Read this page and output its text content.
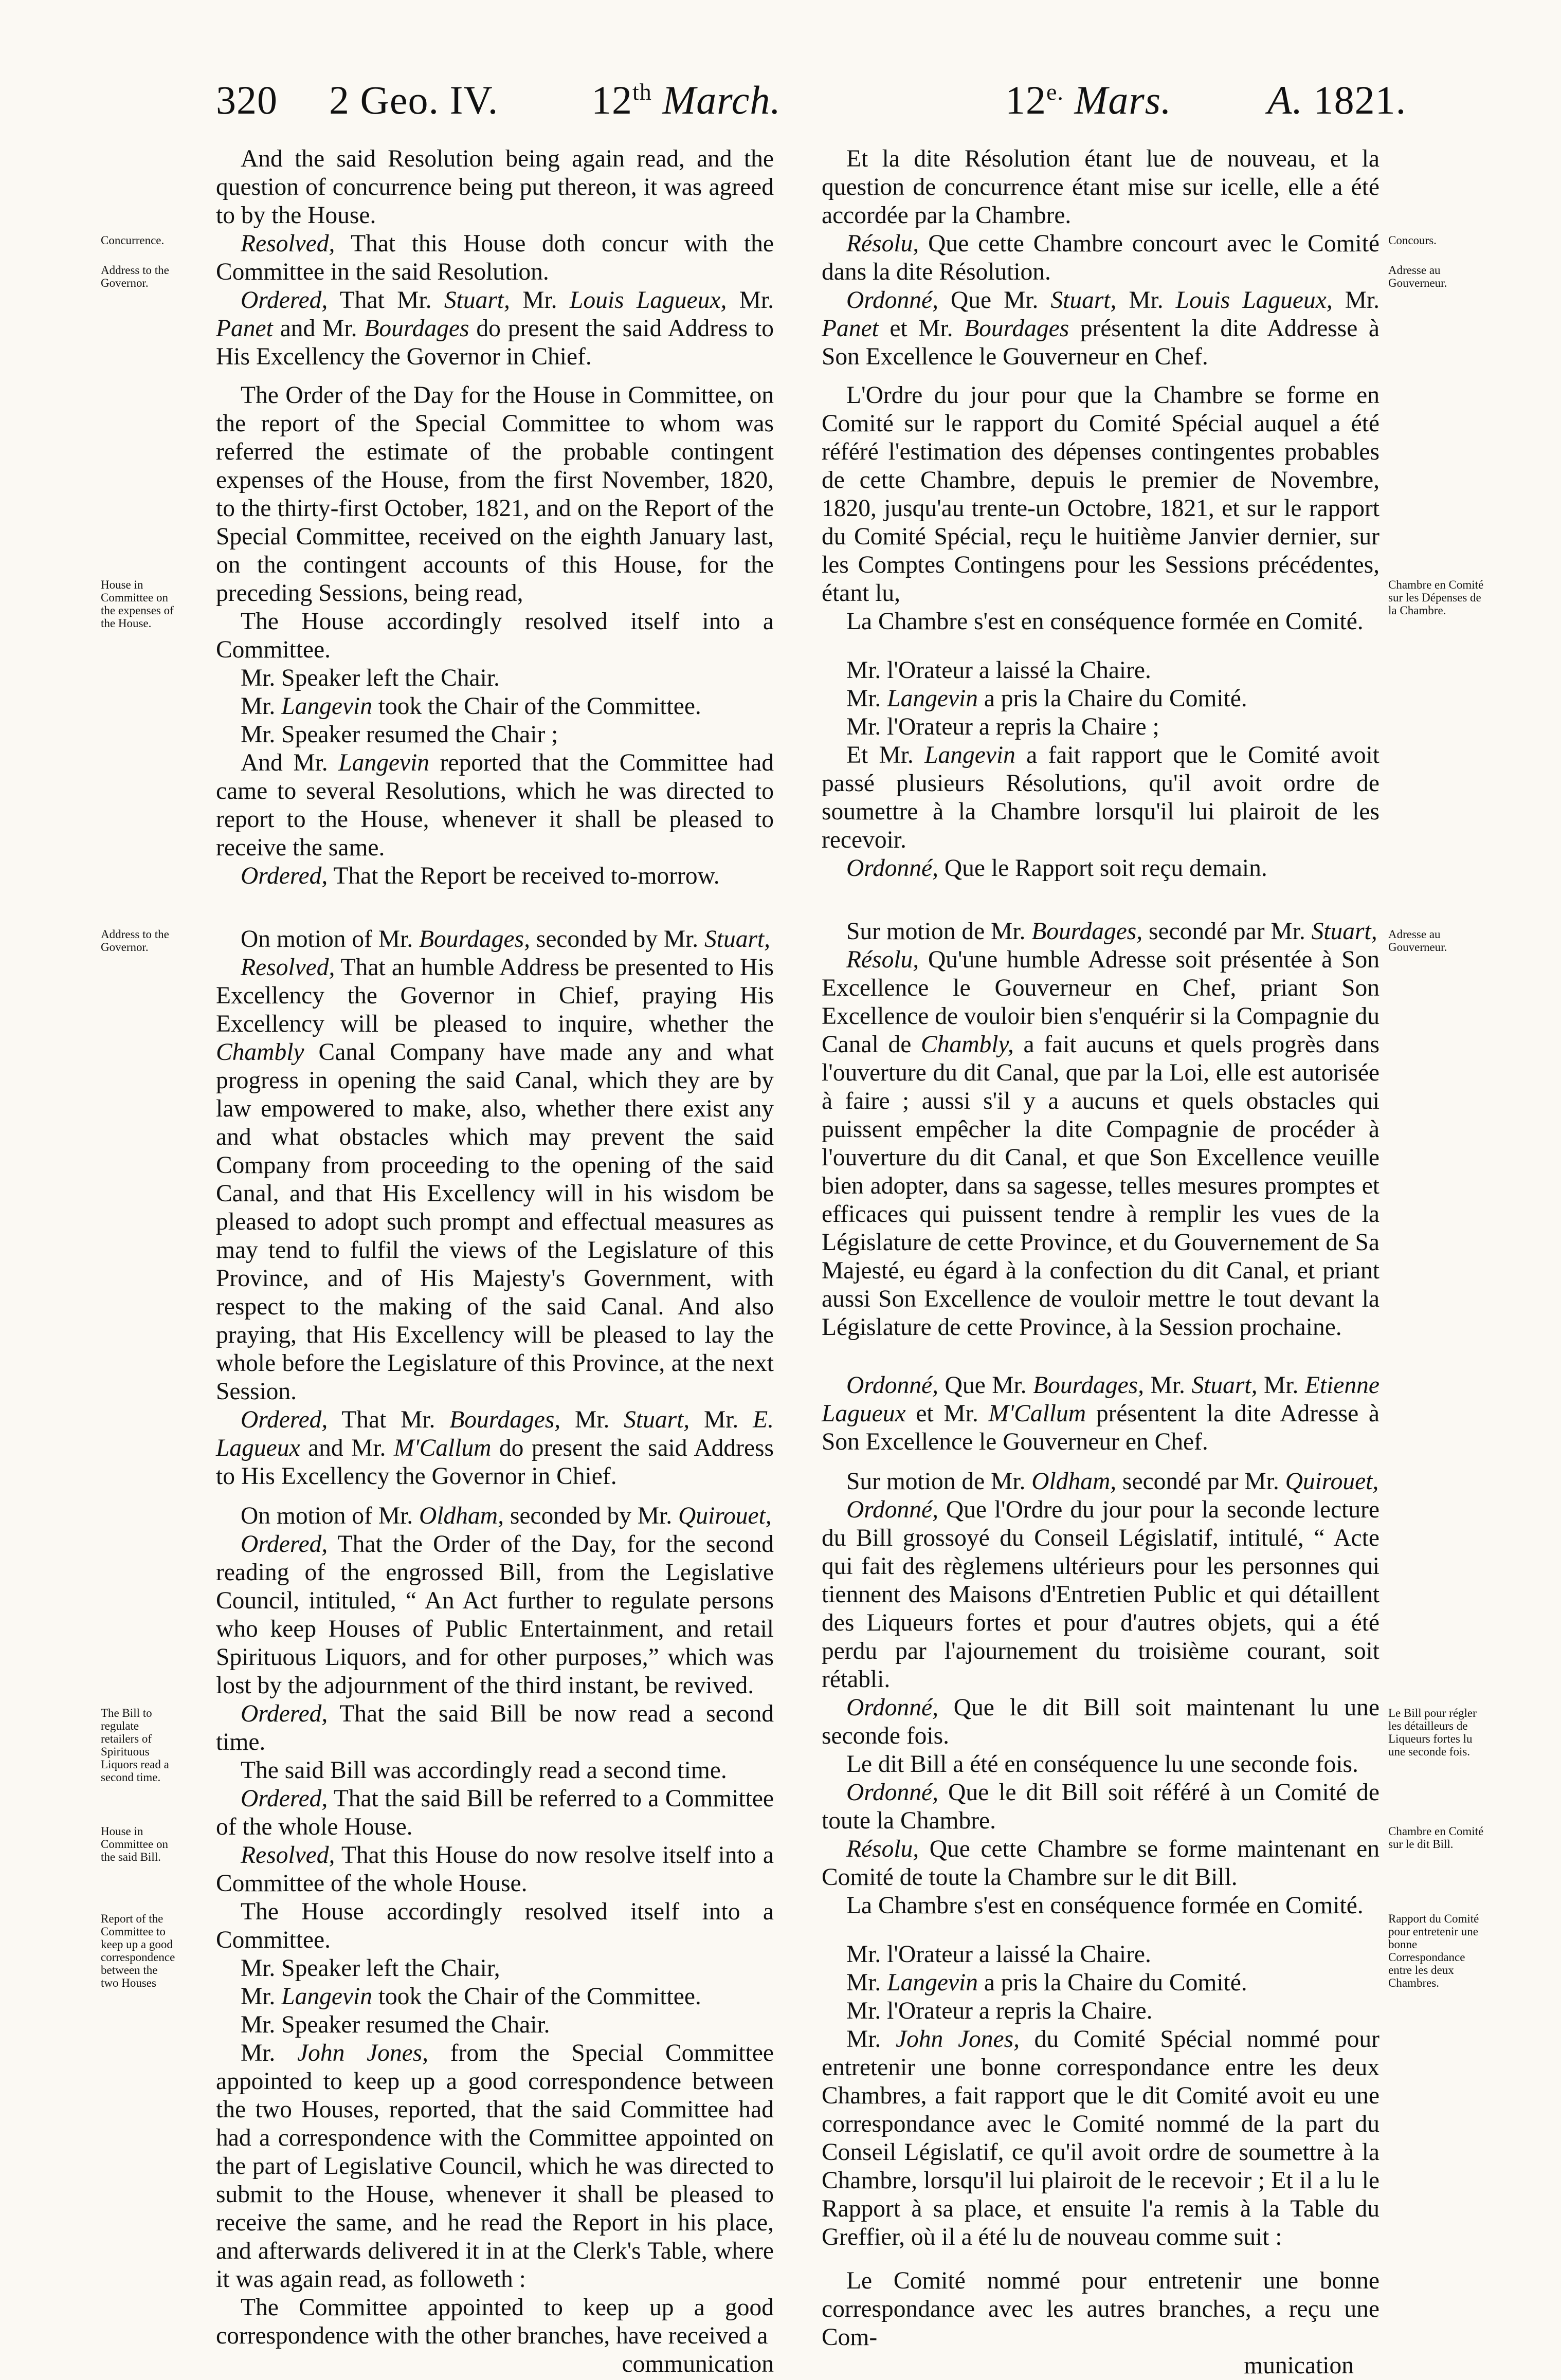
320 2 Geo. IV. 12th March.	$12^{e.}$ Mars. A. 1821.
Concurrence.
Address to the Governor.
House in Committee on the expenses of the House.
Address to the Governor.
The Bill to regulate retailers of Spirituous Liquors read a second time.
House in Committee on the said Bill.
Report of the Committee to keep up a good correspondence between the two Houses
Concours.
Adresse au Gouverneur.
Chambre en Comité sur les Dépenses de la Chambre.
Adresse au Gouverneur.
Le Bill pour régler les détailleurs de Liqueurs fortes lu une seconde fois.
Chambre en Comité sur le dit Bill.
Rapport du Comité pour entretenir une bonne Correspondance entre les deux Chambres.

And the said Resolution being again read, and the question of concurrence being put thereon, it was agreed to by the House.

Resolved, That this House doth concur with the Committee in the said Resolution.

Ordered, That Mr. Stuart, Mr. Louis Lagueux, Mr. Panet and Mr. Bourdages do present the said Address to His Excellency the Governor in Chief.

The Order of the Day for the House in Committee, on the report of the Special Committee to whom was referred the estimate of the probable contingent expenses of the House, from the first November, 1820, to the thirty-first October, 1821, and on the Report of the Special Committee, received on the eighth January last, on the contingent accounts of this House, for the preceding Sessions, being read,

The House accordingly resolved itself into a Committee.

Mr. Speaker left the Chair.

Mr. Langevin took the Chair of the Committee.

Mr. Speaker resumed the Chair ;

And Mr. Langevin reported that the Committee had came to several Resolutions, which he was directed to report to the House, whenever it shall be pleased to receive the same.

Ordered, That the Report be received to-morrow.

On motion of Mr. Bourdages, seconded by Mr. Stuart,

Resolved, That an humble Address be presented to His Excellency the Governor in Chief, praying His Excellency will be pleased to inquire, whether the Chambly Canal Company have made any and what progress in opening the said Canal, which they are by law empowered to make, also, whether there exist any and what obstacles which may prevent the said Company from proceeding to the opening of the said Canal, and that His Excellency will in his wisdom be pleased to adopt such prompt and effectual measures as may tend to fulfil the views of the Legislature of this Province, and of His Majesty's Government, with respect to the making of the said Canal. And also praying, that His Excellency will be pleased to lay the whole before the Legislature of this Province, at the next Session.

Ordered, That Mr. Bourdages, Mr. Stuart, Mr. E. Lagueux and Mr. M'Callum do present the said Address to His Excellency the Governor in Chief.

On motion of Mr. Oldham, seconded by Mr. Quirouet,

Ordered, That the Order of the Day, for the second reading of the engrossed Bill, from the Legislative Council, intituled, “ An Act further to regulate persons who keep Houses of Public Entertainment, and retail Spirituous Liquors, and for other purposes,” which was lost by the adjournment of the third instant, be revived.

Ordered, That the said Bill be now read a second time.

The said Bill was accordingly read a second time.

Ordered, That the said Bill be referred to a Committee of the whole House.

Resolved, That this House do now resolve itself into a Committee of the whole House.

The House accordingly resolved itself into a Committee.

Mr. Speaker left the Chair,

Mr. Langevin took the Chair of the Committee.

Mr. Speaker resumed the Chair.

Mr. John Jones, from the Special Committee appointed to keep up a good correspondence between the two Houses, reported, that the said Committee had had a correspondence with the Committee appointed on the part of Legislative Council, which he was directed to submit to the House, whenever it shall be pleased to receive the same, and he read the Report in his place, and afterwards delivered it in at the Clerk's Table, where it was again read, as followeth :

The Committee appointed to keep up a good correspondence with the other branches, have received a

communication

Et la dite Résolution étant lue de nouveau, et la question de concurrence étant mise sur icelle, elle a été accordée par la Chambre.

Résolu, Que cette Chambre concourt avec le Comité dans la dite Résolution.

Ordonné, Que Mr. Stuart, Mr. Louis Lagueux, Mr. Panet et Mr. Bourdages présentent la dite Addresse à Son Excellence le Gouverneur en Chef.

L'Ordre du jour pour que la Chambre se forme en Comité sur le rapport du Comité Spécial auquel a été référé l'estimation des dépenses contingentes probables de cette Chambre, depuis le premier de Novembre, 1820, jusqu'au trente-un Octobre, 1821, et sur le rapport du Comité Spécial, reçu le huitième Janvier dernier, sur les Comptes Contingens pour les Sessions précédentes, étant lu,

La Chambre s'est en conséquence formée en Comité.

Mr. l'Orateur a laissé la Chaire.

Mr. Langevin a pris la Chaire du Comité.

Mr. l'Orateur a repris la Chaire ;

Et Mr. Langevin a fait rapport que le Comité avoit passé plusieurs Résolutions, qu'il avoit ordre de soumettre à la Chambre lorsqu'il lui plairoit de les recevoir.

Ordonné, Que le Rapport soit reçu demain.

Sur motion de Mr. Bourdages, secondé par Mr. Stuart,

Résolu, Qu'une humble Adresse soit présentée à Son Excellence le Gouverneur en Chef, priant Son Excellence de vouloir bien s'enquérir si la Compagnie du Canal de Chambly, a fait aucuns et quels progrès dans l'ouverture du dit Canal, que par la Loi, elle est autorisée à faire ; aussi s'il y a aucuns et quels obstacles qui puissent empêcher la dite Compagnie de procéder à l'ouverture du dit Canal, et que Son Excellence veuille bien adopter, dans sa sagesse, telles mesures promptes et efficaces qui puissent tendre à remplir les vues de la Législature de cette Province, et du Gouvernement de Sa Majesté, eu égard à la confection du dit Canal, et priant aussi Son Excellence de vouloir mettre le tout devant la Législature de cette Province, à la Session prochaine.

Ordonné, Que Mr. Bourdages, Mr. Stuart, Mr. Etienne Lagueux et Mr. M'Callum présentent la dite Adresse à Son Excellence le Gouverneur en Chef.

Sur motion de Mr. Oldham, secondé par Mr. Quirouet,

Ordonné, Que l'Ordre du jour pour la seconde lecture du Bill grossoyé du Conseil Législatif, intitulé, “ Acte qui fait des règlemens ultérieurs pour les personnes qui tiennent des Maisons d'Entretien Public et qui détaillent des Liqueurs fortes et pour d'autres objets, qui a été perdu par l'ajournement du troisième courant, soit rétabli.

Ordonné, Que le dit Bill soit maintenant lu une seconde fois.

Le dit Bill a été en conséquence lu une seconde fois.

Ordonné, Que le dit Bill soit référé à un Comité de toute la Chambre.

Résolu, Que cette Chambre se forme maintenant en Comité de toute la Chambre sur le dit Bill.

La Chambre s'est en conséquence formée en Comité.

Mr. l'Orateur a laissé la Chaire.

Mr. Langevin a pris la Chaire du Comité.

Mr. l'Orateur a repris la Chaire.

Mr. John Jones, du Comité Spécial nommé pour entretenir une bonne correspondance entre les deux Chambres, a fait rapport que le dit Comité avoit eu une correspondance avec le Comité nommé de la part du Conseil Législatif, ce qu'il avoit ordre de soumettre à la Chambre, lorsqu'il lui plairoit de le recevoir ; Et il a lu le Rapport à sa place, et ensuite l'a remis à la Table du Greffier, où il a été lu de nouveau comme suit :

Le Comité nommé pour entretenir une bonne correspondance avec les autres branches, a reçu une Com-

munication
